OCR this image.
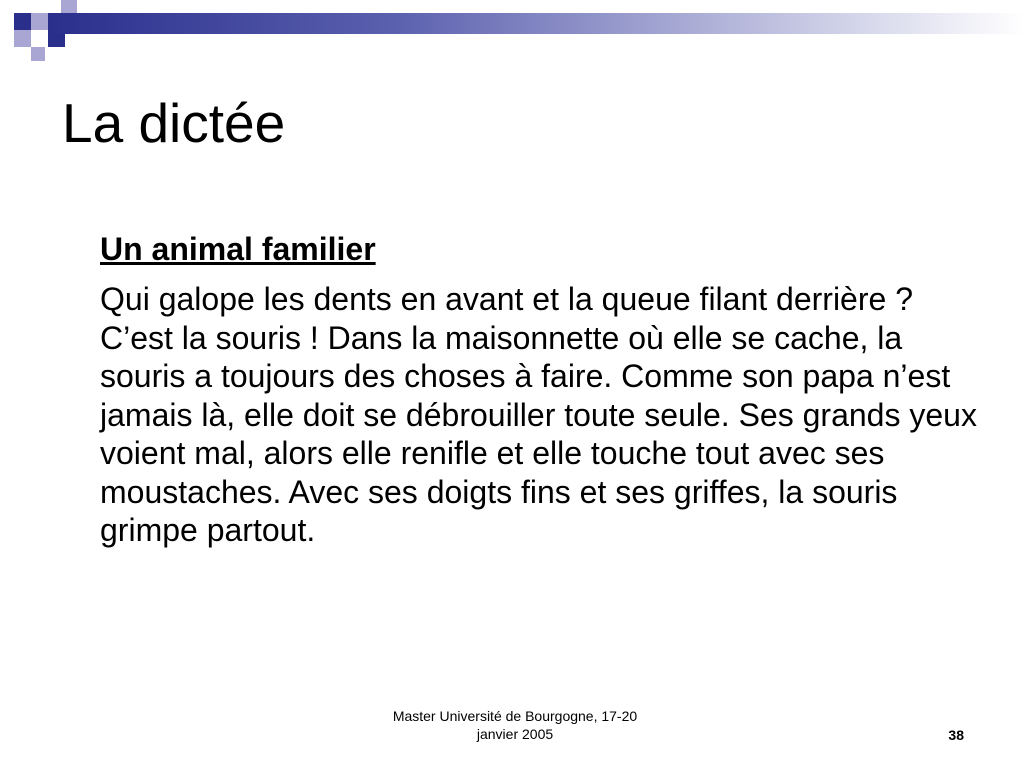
La dictée
Un animal familier

Qui galope les dents en avant et la queue filant derrière ? C’est la souris ! Dans la maisonnette où elle se cache, la souris a toujours des choses à faire. Comme son papa n’est jamais là, elle doit se débrouiller toute seule. Ses grands yeux voient mal, alors elle renifle et elle touche tout avec ses moustaches. Avec ses doigts fins et ses griffes, la souris grimpe partout.

Master Université de Bourgogne, 17-20
janvier 2005	38
